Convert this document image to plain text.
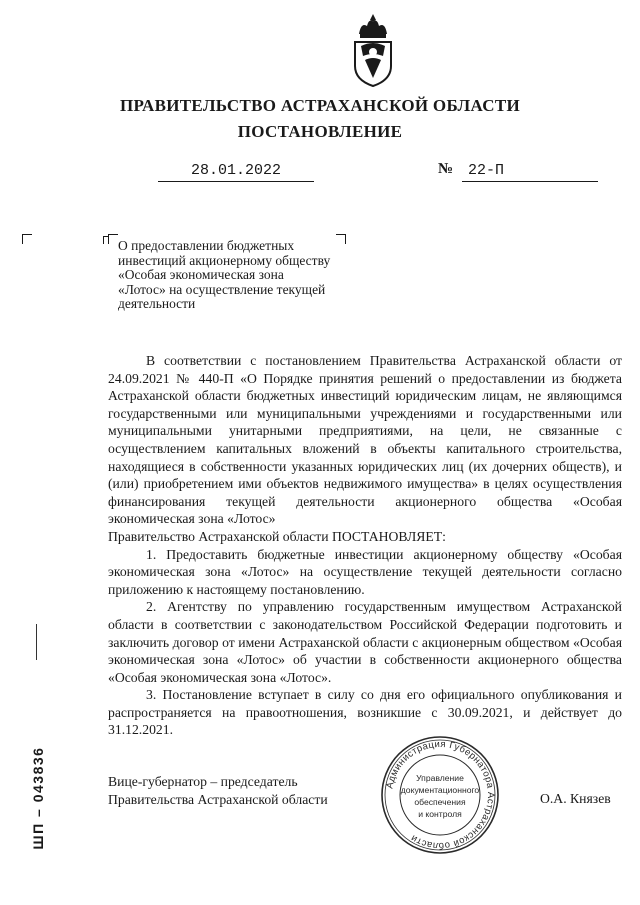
ПРАВИТЕЛЬСТВО АСТРАХАНСКОЙ ОБЛАСТИ
ПОСТАНОВЛЕНИЕ
28.01.2022	№ 22-П
О предоставлении бюджетных инвестиций акционерному обществу «Особая экономическая зона «Лотос» на осуществление текущей деятельности

В соответствии с постановлением Правительства Астраханской области от 24.09.2021 № 440-П «О Порядке принятия решений о предоставлении из бюджета Астраханской области бюджетных инвестиций юридическим лицам, не являющимся государственными или муниципальными учреждениями и государственными или муниципальными унитарными предприятиями, на цели, не связанные с осуществлением капитальных вложений в объекты капитального строительства, находящиеся в собственности указанных юридических лиц (их дочерних обществ), и (или) приобретением ими объектов недвижимого имущества» в целях осуществления финансирования текущей деятельности акционерного общества «Особая экономическая зона «Лотос»

Правительство Астраханской области ПОСТАНОВЛЯЕТ:

1. Предоставить бюджетные инвестиции акционерному обществу «Особая экономическая зона «Лотос» на осуществление текущей деятельности согласно приложению к настоящему постановлению.

2. Агентству по управлению государственным имуществом Астраханской области в соответствии с законодательством Российской Федерации подготовить и заключить договор от имени Астраханской области с акционерным обществом «Особая экономическая зона «Лотос» об участии в собственности акционерного общества «Особая экономическая зона «Лотос».

3. Постановление вступает в силу со дня его официального опубликования и распространяется на правоотношения, возникшие с 30.09.2021, и действует до 31.12.2021.

ШП – 043836	Вице-губернатор – председатель
Правительства Астраханской области
Администрация Губернатора Астраханской области
Управление
документационного
обеспечения
и контроля
О.А. Князев
